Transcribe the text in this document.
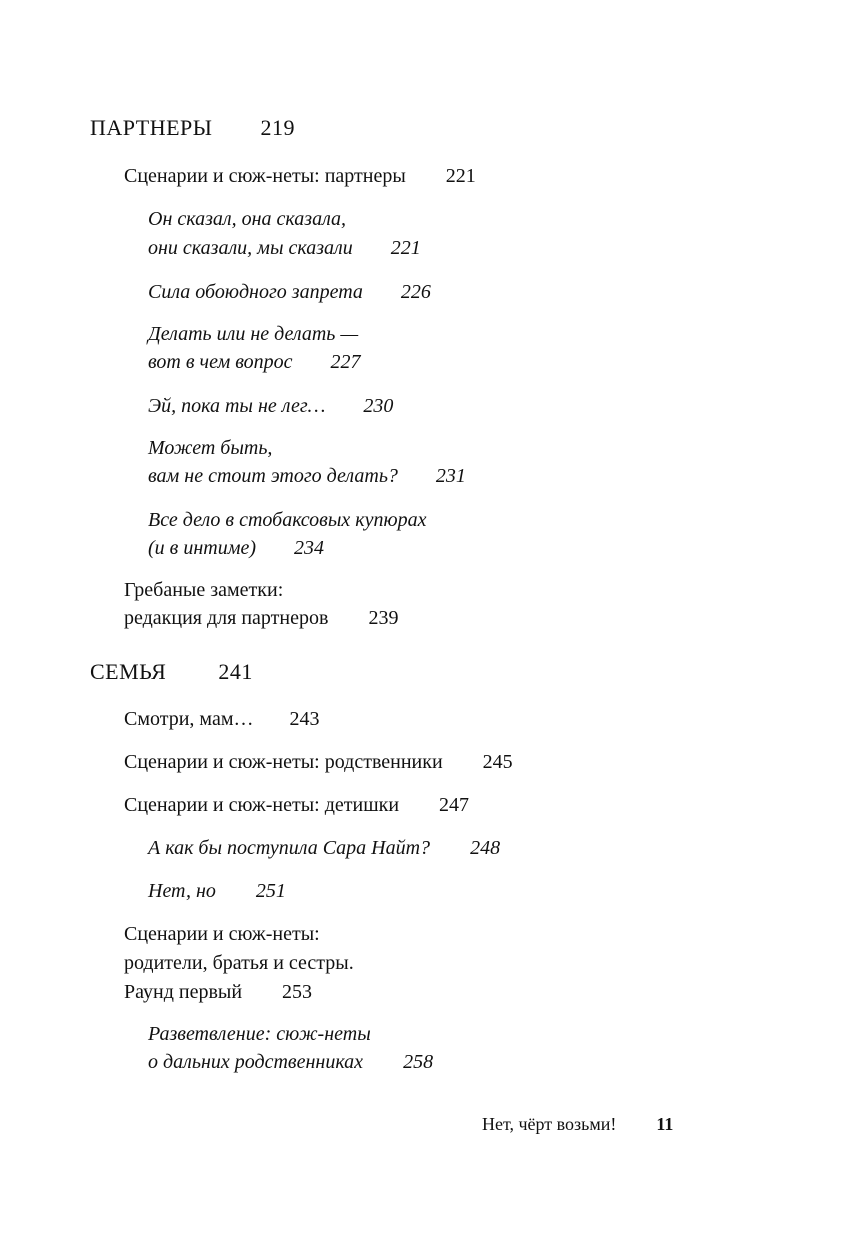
ПАРТНЕРЫ 219
Сценарии и сюж-неты: партнеры 221
Он сказал, она сказала,
они сказали, мы сказали 221
Сила обоюдного запрета 226
Делать или не делать —
вот в чем вопрос 227
Эй, пока ты не лег… 230
Может быть,
вам не стоит этого делать? 231
Все дело в стобаксовых купюрах
(и в интиме) 234
Гребаные заметки:
редакция для партнеров 239
СЕМЬЯ 241
Смотри, мам… 243
Сценарии и сюж-неты: родственники 245
Сценарии и сюж-неты: детишки 247
А как бы поступила Сара Найт? 248
Нет, но 251
Сценарии и сюж-неты:
родители, братья и сестры.
Раунд первый 253
Разветвление: сюж-неты
о дальних родственниках 258
Нет, чёрт возьми! 11
